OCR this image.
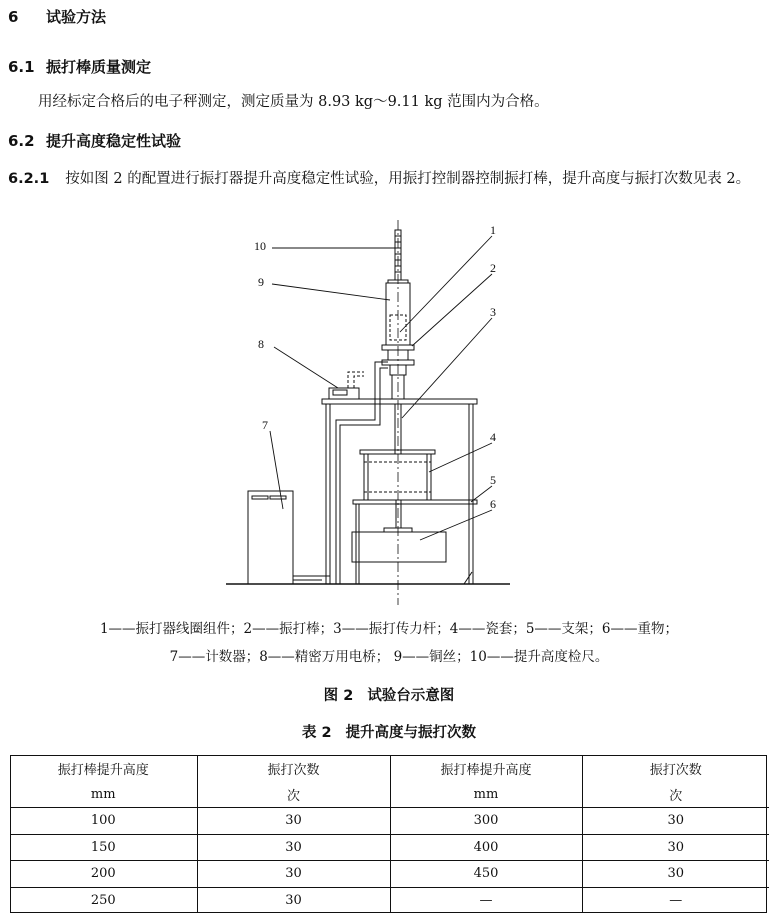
6 试验方法
6.1 振打棒质量测定
用经标定合格后的电子秤测定，测定质量为 8.93 kg～9.11 kg 范围内为合格。
6.2 提升高度稳定性试验
6.2.1 按如图 2 的配置进行振打器提升高度稳定性试验，用振打控制器控制振打棒，提升高度与振打次数见表 2。
1
2
3
4
5
6
7
8
9
10
1——振打器线圈组件；2——振打棒；3——振打传力杆；4——瓷套；5——支架；6——重物；
7——计数器；8——精密万用电桥； 9——铜丝；10——提升高度检尺。
图 2 试验台示意图
表 2 提升高度与振打次数
振打棒提升高度	振打次数	振打棒提升高度	振打次数
mm	次	mm	次
100	30	300	30
150	30	400	30
200	30	450	30
250	30	—	—
